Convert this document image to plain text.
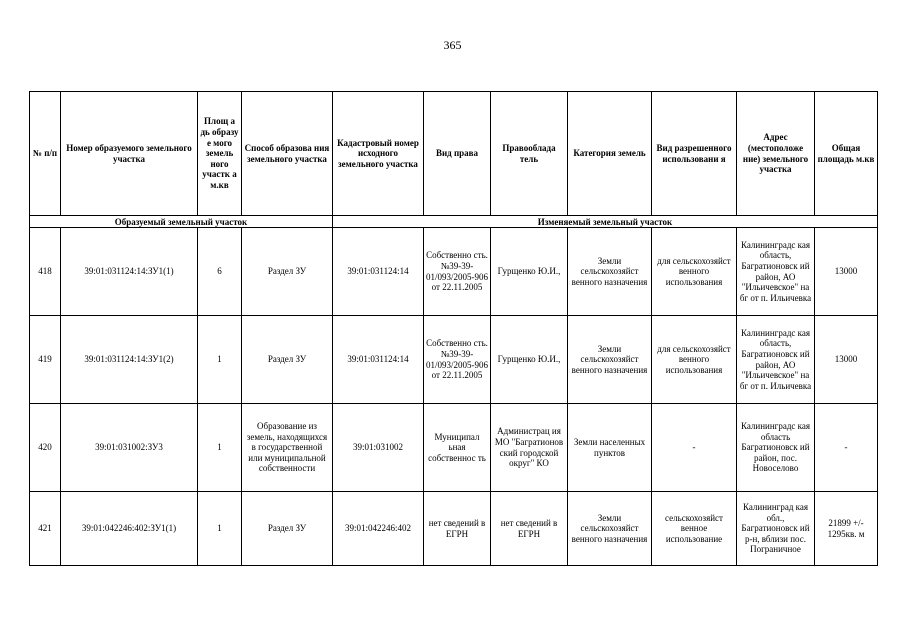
365
№ п/п	Номер образуемого земельного участка	Площ а дь образу е мого земель ного участк а м.кв	Способ образова ния земельного участка	Кадастровый номер исходного земельного участка	Вид права	Правооблада тель	Категория земель	Вид разрешенного использовани я	Адрес (местоположе ние) земельного участка	Общая площадь м.кв
Образуемый земельный участок				Изменяемый земельный участок						
418	39:01:031124:14:ЗУ1(1)	6	Раздел ЗУ	39:01:031124:14	Собственно сть. №39-39-01/093/2005-906 от 22.11.2005	Гурщенко Ю.И.,	Земли сельскохозяйст венного назначения	для сельскохозяйст венного использования	Калининградс кая область, Багратионовск ий район, АО "Ильичевское" на бг от п. Ильичевка	13000
419	39:01:031124:14:ЗУ1(2)	1	Раздел ЗУ	39:01:031124:14	Собственно сть. №39-39-01/093/2005-906 от 22.11.2005	Гурщенко Ю.И.,	Земли сельскохозяйст венного назначения	для сельскохозяйст венного использования	Калининградс кая область, Багратионовск ий район, АО "Ильичевское" на бг от п. Ильичевка	13000
420	39:01:031002:ЗУ3	1	Образование из земель, находящихся в государственной или муниципальной собственности	39:01:031002	Муниципал ьная собственнос ть	Администрац ия МО "Багратионов ский городской округ" КО	Земли населенных пунктов	-	Калининградс кая область Багратионовск ий район, пос. Новоселово	-
421	39:01:042246:402:ЗУ1(1)	1	Раздел ЗУ	39:01:042246:402	нет сведений в ЕГРН	нет сведений в ЕГРН	Земли сельскохозяйст венного назначения	сельскохозяйст венное использование	Калининград кая обл., Багратионовск ий р-н, вблизи пос. Пограничное	21899 +/- 1295кв. м
